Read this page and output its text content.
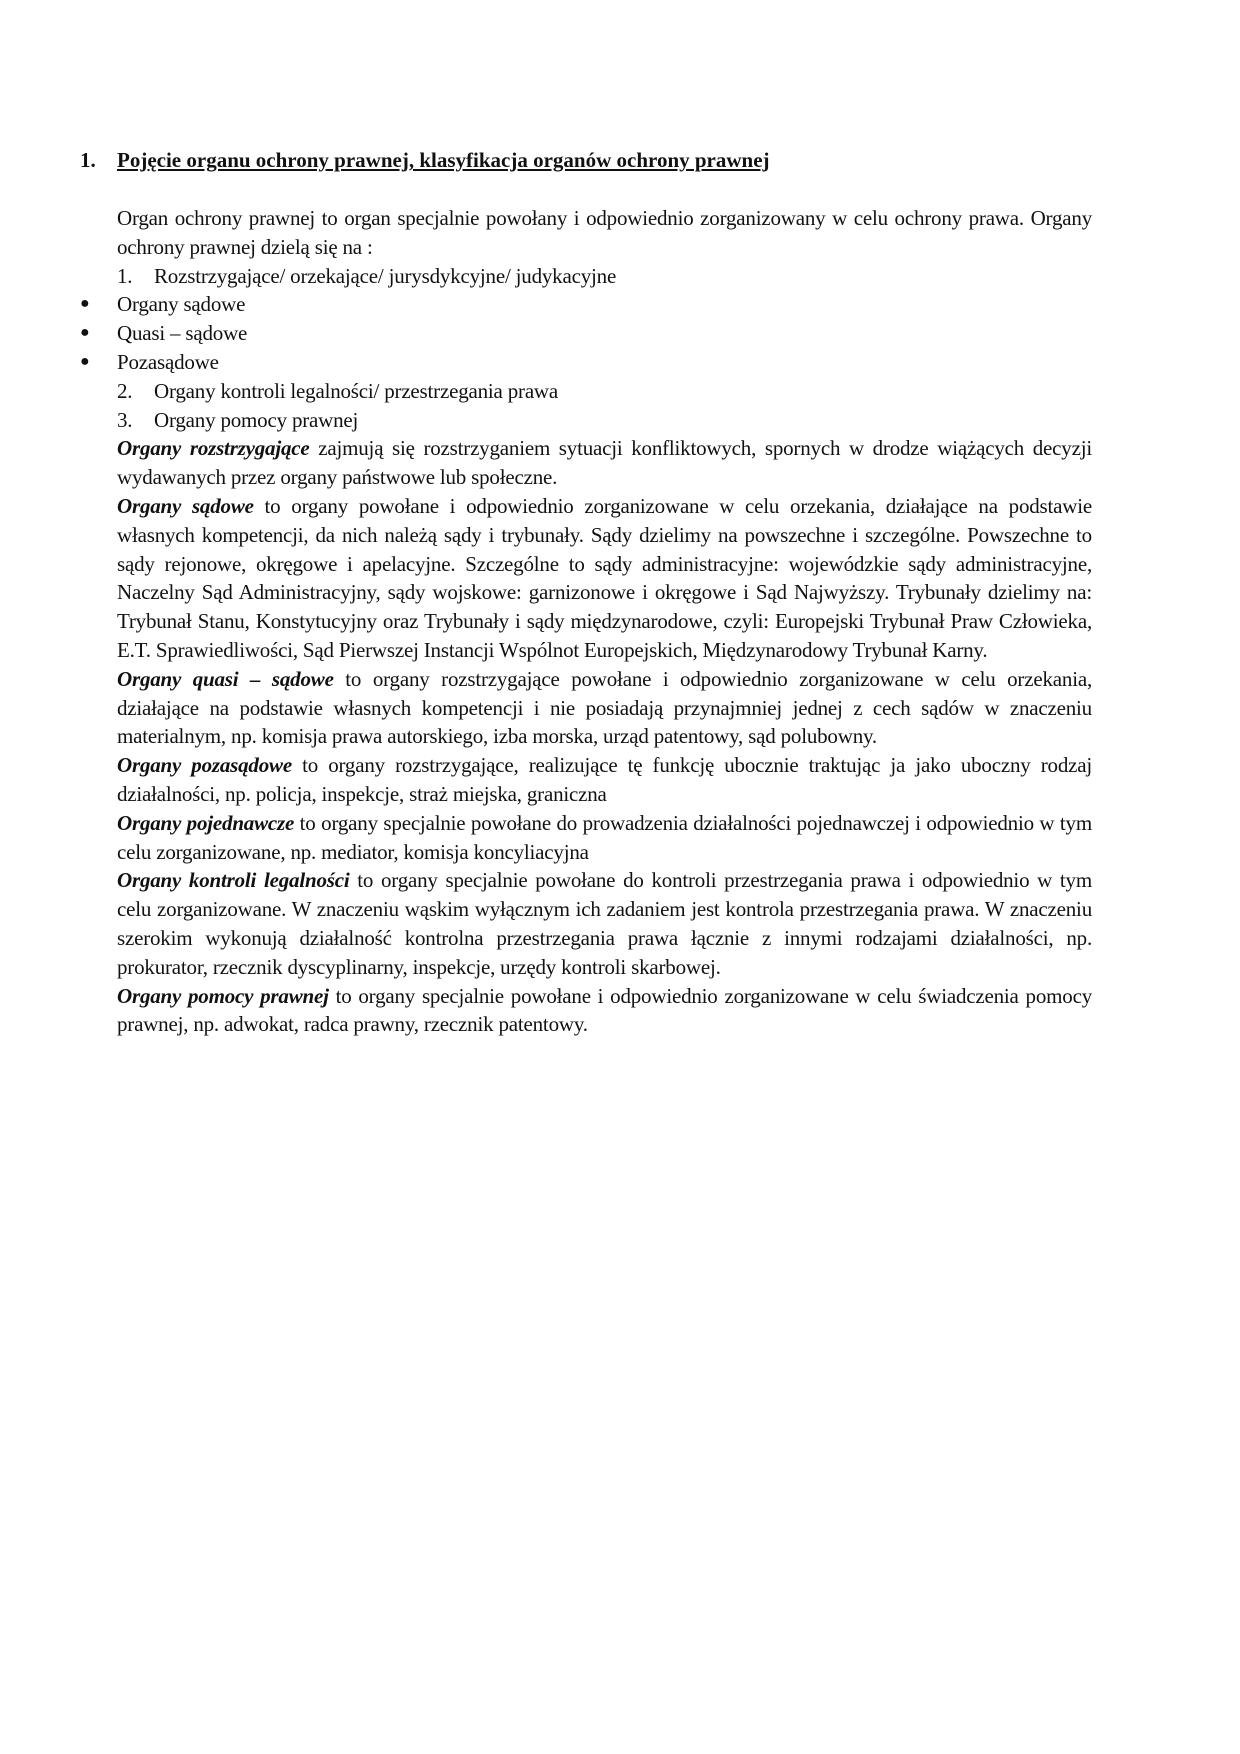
1. Pojęcie organu ochrony prawnej, klasyfikacja organów ochrony prawnej

Organ ochrony prawnej to organ specjalnie powołany i odpowiednio zorganizowany w celu ochrony prawa. Organy ochrony prawnej dzielą się na :

1.	Rozstrzygające/ orzekające/ jurysdykcyjne/ judykacyjne
●	Organy sądowe
●	Quasi – sądowe
●	Pozasądowe
2.	Organy kontroli legalności/ przestrzegania prawa
3.	Organy pomocy prawnej

Organy rozstrzygające zajmują się rozstrzyganiem sytuacji konfliktowych, spornych w drodze wiążących decyzji wydawanych przez organy państwowe lub społeczne.

Organy sądowe to organy powołane i odpowiednio zorganizowane w celu orzekania, działające na podstawie własnych kompetencji, da nich należą sądy i trybunały. Sądy dzielimy na powszechne i szczególne. Powszechne to sądy rejonowe, okręgowe i apelacyjne. Szczególne to sądy administracyjne: wojewódzkie sądy administracyjne, Naczelny Sąd Administracyjny, sądy wojskowe: garnizonowe i okręgowe i Sąd Najwyższy. Trybunały dzielimy na: Trybunał Stanu, Konstytucyjny oraz Trybunały i sądy międzynarodowe, czyli: Europejski Trybunał Praw Człowieka, E.T. Sprawiedliwości, Sąd Pierwszej Instancji Wspólnot Europejskich, Międzynarodowy Trybunał Karny.

Organy quasi – sądowe to organy rozstrzygające powołane i odpowiednio zorganizowane w celu orzekania, działające na podstawie własnych kompetencji i nie posiadają przynajmniej jednej z cech sądów w znaczeniu materialnym, np. komisja prawa autorskiego, izba morska, urząd patentowy, sąd polubowny.

Organy pozasądowe to organy rozstrzygające, realizujące tę funkcję ubocznie traktując ja jako uboczny rodzaj działalności, np. policja, inspekcje, straż miejska, graniczna

Organy pojednawcze to organy specjalnie powołane do prowadzenia działalności pojednawczej i odpowiednio w tym celu zorganizowane, np. mediator, komisja koncyliacyjna

Organy kontroli legalności to organy specjalnie powołane do kontroli przestrzegania prawa i odpowiednio w tym celu zorganizowane. W znaczeniu wąskim wyłącznym ich zadaniem jest kontrola przestrzegania prawa. W znaczeniu szerokim wykonują działalność kontrolna przestrzegania prawa łącznie z innymi rodzajami działalności, np. prokurator, rzecznik dyscyplinarny, inspekcje, urzędy kontroli skarbowej.

Organy pomocy prawnej to organy specjalnie powołane i odpowiednio zorganizowane w celu świadczenia pomocy prawnej, np. adwokat, radca prawny, rzecznik patentowy.
